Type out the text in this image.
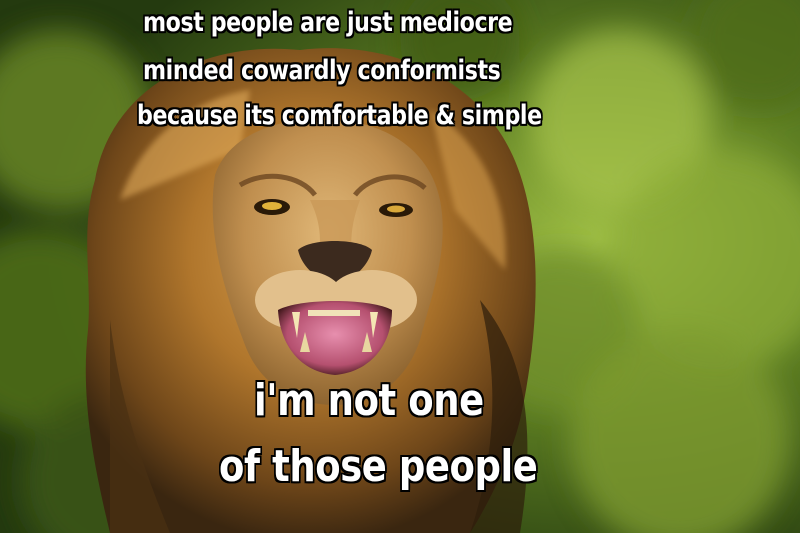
most people are just mediocre
minded cowardly conformists
because its comfortable & simple
i'm not one
of those people
